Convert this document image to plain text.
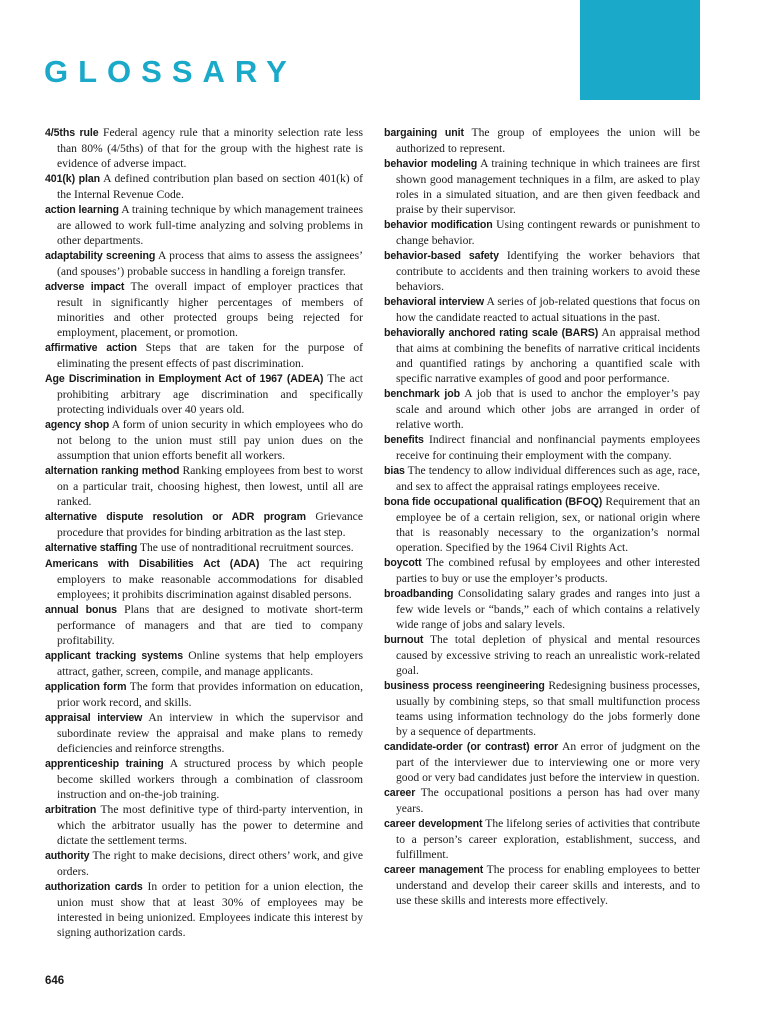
GLOSSARY

4/5ths rule Federal agency rule that a minority selection rate less than 80% (4/5ths) of that for the group with the highest rate is evidence of adverse impact.

401(k) plan A defined contribution plan based on section 401(k) of the Internal Revenue Code.

action learning A training technique by which management trainees are allowed to work full-time analyzing and solving problems in other departments.

adaptability screening A process that aims to assess the assignees’ (and spouses’) probable success in handling a foreign transfer.

adverse impact The overall impact of employer practices that result in significantly higher percentages of members of minorities and other protected groups being rejected for employment, placement, or promotion.

affirmative action Steps that are taken for the purpose of eliminating the present effects of past discrimination.

Age Discrimination in Employment Act of 1967 (ADEA) The act prohibiting arbitrary age discrimination and specifically protecting individuals over 40 years old.

agency shop A form of union security in which employees who do not belong to the union must still pay union dues on the assumption that union efforts benefit all workers.

alternation ranking method Ranking employees from best to worst on a particular trait, choosing highest, then lowest, until all are ranked.

alternative dispute resolution or ADR program Grievance procedure that provides for binding arbitration as the last step.

alternative staffing The use of nontraditional recruitment sources.

Americans with Disabilities Act (ADA) The act requiring employers to make reasonable accommodations for disabled employees; it prohibits discrimination against disabled persons.

annual bonus Plans that are designed to motivate short-term performance of managers and that are tied to company profitability.

applicant tracking systems Online systems that help employers attract, gather, screen, compile, and manage applicants.

application form The form that provides information on education, prior work record, and skills.

appraisal interview An interview in which the supervisor and subordinate review the appraisal and make plans to remedy deficiencies and reinforce strengths.

apprenticeship training A structured process by which people become skilled workers through a combination of classroom instruction and on-the-job training.

arbitration The most definitive type of third-party intervention, in which the arbitrator usually has the power to determine and dictate the settlement terms.

authority The right to make decisions, direct others’ work, and give orders.

authorization cards In order to petition for a union election, the union must show that at least 30% of employees may be interested in being unionized. Employees indicate this interest by signing authorization cards.

bargaining unit The group of employees the union will be authorized to represent.

behavior modeling A training technique in which trainees are first shown good management techniques in a film, are asked to play roles in a simulated situation, and are then given feedback and praise by their supervisor.

behavior modification Using contingent rewards or punishment to change behavior.

behavior-based safety Identifying the worker behaviors that contribute to accidents and then training workers to avoid these behaviors.

behavioral interview A series of job-related questions that focus on how the candidate reacted to actual situations in the past.

behaviorally anchored rating scale (BARS) An appraisal method that aims at combining the benefits of narrative critical incidents and quantified ratings by anchoring a quantified scale with specific narrative examples of good and poor performance.

benchmark job A job that is used to anchor the employer’s pay scale and around which other jobs are arranged in order of relative worth.

benefits Indirect financial and nonfinancial payments employees receive for continuing their employment with the company.

bias The tendency to allow individual differences such as age, race, and sex to affect the appraisal ratings employees receive.

bona fide occupational qualification (BFOQ) Requirement that an employee be of a certain religion, sex, or national origin where that is reasonably necessary to the organization’s normal operation. Specified by the 1964 Civil Rights Act.

boycott The combined refusal by employees and other interested parties to buy or use the employer’s products.

broadbanding Consolidating salary grades and ranges into just a few wide levels or “bands,” each of which contains a relatively wide range of jobs and salary levels.

burnout The total depletion of physical and mental resources caused by excessive striving to reach an unrealistic work-related goal.

business process reengineering Redesigning business processes, usually by combining steps, so that small multifunction process teams using information technology do the jobs formerly done by a sequence of departments.

candidate-order (or contrast) error An error of judgment on the part of the interviewer due to interviewing one or more very good or very bad candidates just before the interview in question.

career The occupational positions a person has had over many years.

career development The lifelong series of activities that contribute to a person’s career exploration, establishment, success, and fulfillment.

career management The process for enabling employees to better understand and develop their career skills and interests, and to use these skills and interests more effectively.

646
